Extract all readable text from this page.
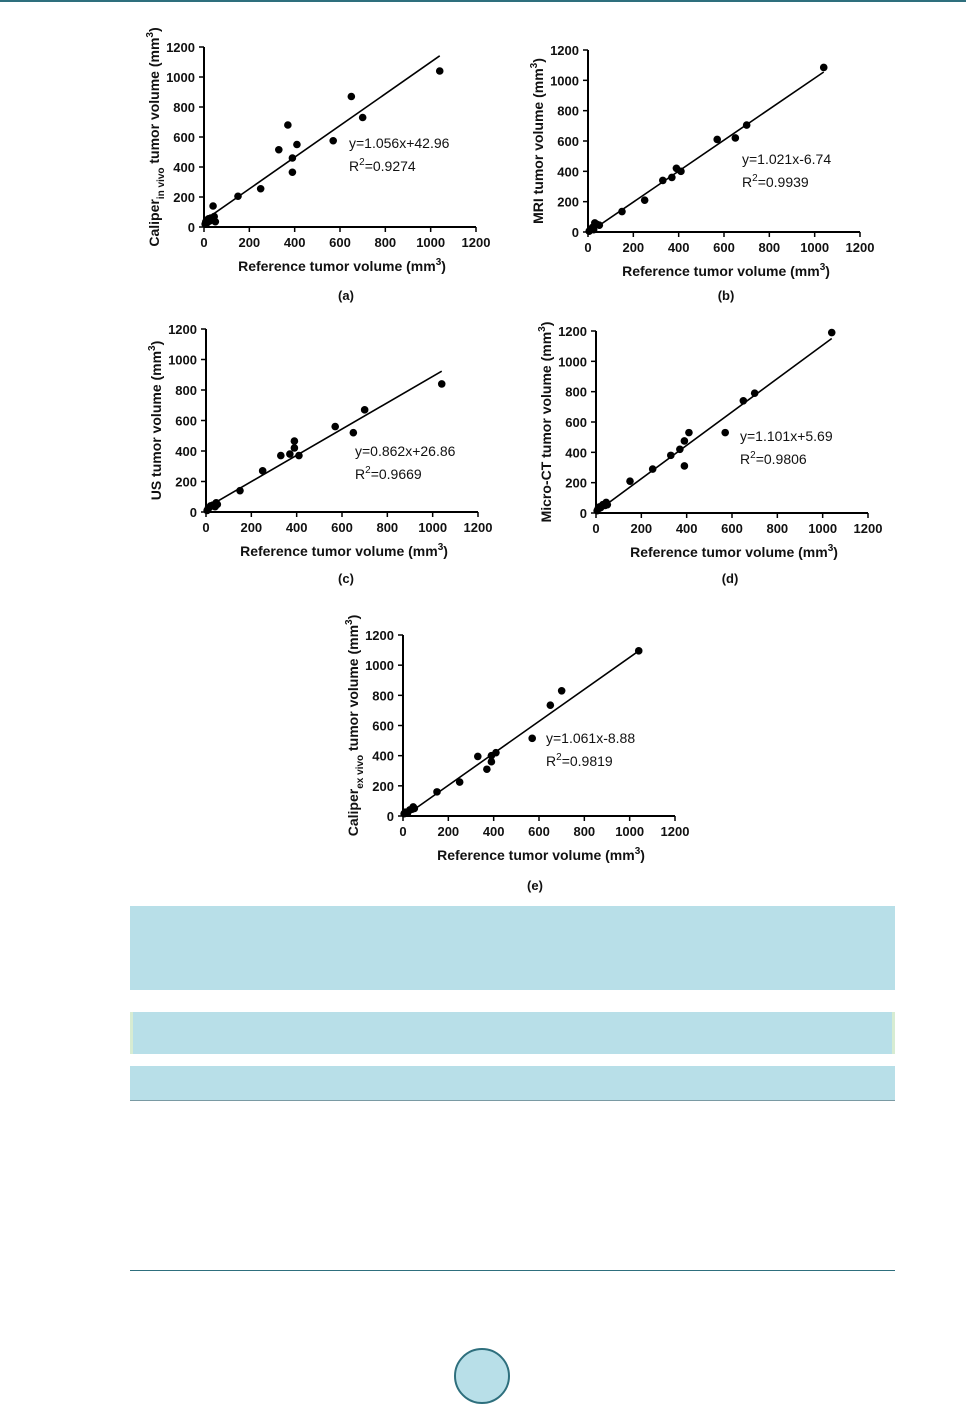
0 200 400 600 800 1000 1200
0
200
400
600
800
1000
1200
Reference tumor volume $(mm^3)$
Caliper$_{in vivo}$ tumor volume $(mm^3)$
y=1.056x+42.96
$R^2=0.9274$
(a)
0 200 400 600 800 1000 1200
0
200
400
600
800
1000
1200
Reference tumor volume $(mm^3)$
MRI tumor volume $(mm^3)$
y=1.021x-6.74
$R^2=0.9939$
(b)
0 200 400 600 800 1000 1200
0
200
400
600
800
1000
1200
Reference tumor volume $(mm^3)$
US tumor volume $(mm^3)$
y=0.862x+26.86
$R^2=0.9669$
(c)
0 200 400 600 800 1000 1200
0
200
400
600
800
1000
1200
Reference tumor volume $(mm^3)$
Micro-CT tumor volume $(mm^3)$
y=1.101x+5.69
$R^2=0.9806$
(d)
0 200 400 600 800 1000 1200
0
200
400
600
800
1000
1200
Reference tumor volume $(mm^3)$
Caliper$_{ex vivo}$ tumor volume $(mm^3)$
y=1.061x-8.88
$R^2=0.9819$
(e)
